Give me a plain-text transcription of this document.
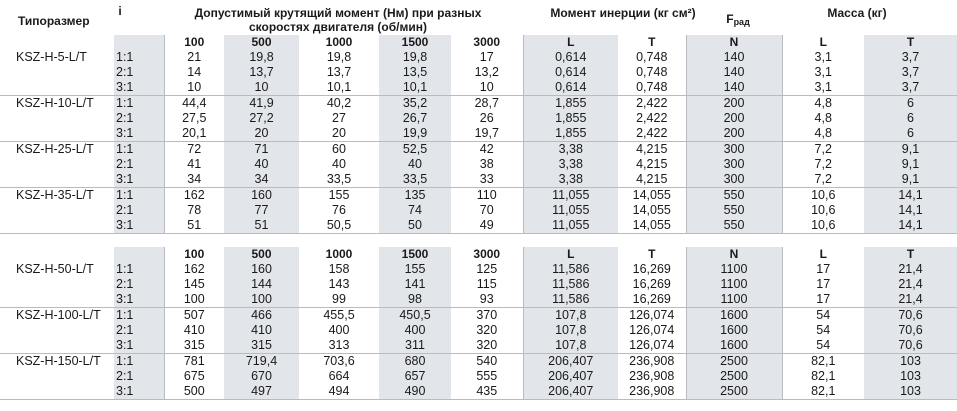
Типоразмер
i	Допустимый крутящий момент (Нм) при разных скоростях двигателя (об/мин)
Момент инерции (кг см²)	$F_{рад}$
Масса (кг)
		100	500	1000	1500	3000	L	T	N	L	T
KSZ-H-5-L/T	1:1	21	19,8	19,8	19,8	17	0,614	0,748	140	3,1	3,7
	2:1	14	13,7	13,7	13,5	13,2	0,614	0,748	140	3,1	3,7
	3:1	10	10	10,1	10,1	10	0,614	0,748	140	3,1	3,7
KSZ-H-10-L/T	1:1	44,4	41,9	40,2	35,2	28,7	1,855	2,422	200	4,8	6
	2:1	27,5	27,2	27	26,7	26	1,855	2,422	200	4,8	6
	3:1	20,1	20	20	19,9	19,7	1,855	2,422	200	4,8	6
KSZ-H-25-L/T	1:1	72	71	60	52,5	42	3,38	4,215	300	7,2	9,1
	2:1	41	40	40	40	38	3,38	4,215	300	7,2	9,1
	3:1	34	34	33,5	33,5	33	3,38	4,215	300	7,2	9,1
KSZ-H-35-L/T	1:1	162	160	155	135	110	11,055	14,055	550	10,6	14,1
	2:1	78	77	76	74	70	11,055	14,055	550	10,6	14,1
	3:1	51	51	50,5	50	49	11,055	14,055	550	10,6	14,1
		100	500	1000	1500	3000	L	T	N	L	T
KSZ-H-50-L/T	1:1	162	160	158	155	125	11,586	16,269	1100	17	21,4
	2:1	145	144	143	141	115	11,586	16,269	1100	17	21,4
	3:1	100	100	99	98	93	11,586	16,269	1100	17	21,4
KSZ-H-100-L/T	1:1	507	466	455,5	450,5	370	107,8	126,074	1600	54	70,6
	2:1	410	410	400	400	320	107,8	126,074	1600	54	70,6
	3:1	315	315	313	311	320	107,8	126,074	1600	54	70,6
KSZ-H-150-L/T	1:1	781	719,4	703,6	680	540	206,407	236,908	2500	82,1	103
	2:1	675	670	664	657	555	206,407	236,908	2500	82,1	103
	3:1	500	497	494	490	435	206,407	236,908	2500	82,1	103
